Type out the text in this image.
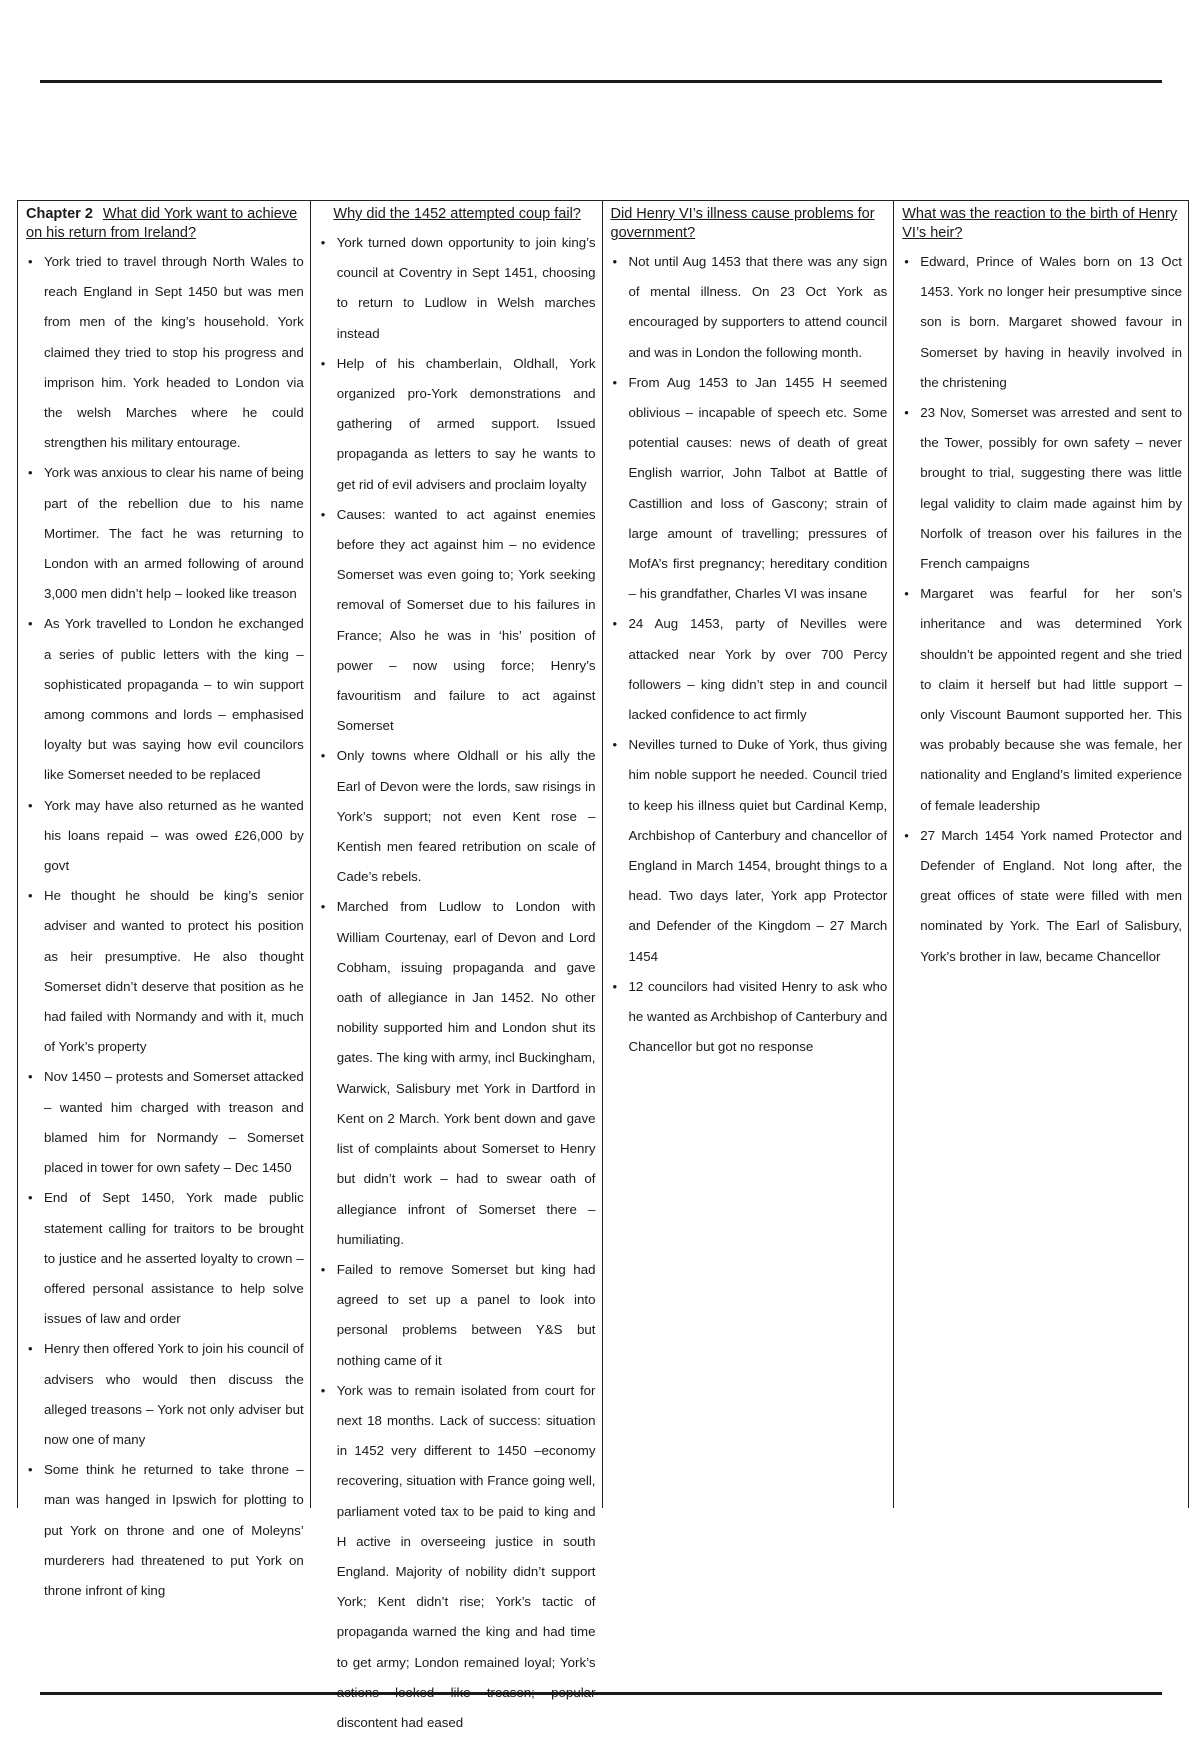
Chapter 2 What did York want to achieve on his return from Ireland?
• York tried to travel through North Wales to reach England in Sept 1450 but was men from men of the king’s household. York claimed they tried to stop his progress and imprison him. York headed to London via the welsh Marches where he could strengthen his military entourage.
• York was anxious to clear his name of being part of the rebellion due to his name Mortimer. The fact he was returning to London with an armed following of around 3,000 men didn’t help – looked like treason
• As York travelled to London he exchanged a series of public letters with the king – sophisticated propaganda – to win support among commons and lords – emphasised loyalty but was saying how evil councilors like Somerset needed to be replaced
• York may have also returned as he wanted his loans repaid – was owed £26,000 by govt
• He thought he should be king’s senior adviser and wanted to protect his position as heir presumptive. He also thought Somerset didn’t deserve that position as he had failed with Normandy and with it, much of York’s property
• Nov 1450 – protests and Somerset attacked – wanted him charged with treason and blamed him for Normandy – Somerset placed in tower for own safety – Dec 1450
• End of Sept 1450, York made public statement calling for traitors to be brought to justice and he asserted loyalty to crown – offered personal assistance to help solve issues of law and order
• Henry then offered York to join his council of advisers who would then discuss the alleged treasons – York not only adviser but now one of many
• Some think he returned to take throne – man was hanged in Ipswich for plotting to put York on throne and one of Moleyns’ murderers had threatened to put York on throne infront of king
Why did the 1452 attempted coup fail?
• York turned down opportunity to join king’s council at Coventry in Sept 1451, choosing to return to Ludlow in Welsh marches instead
• Help of his chamberlain, Oldhall, York organized pro-York demonstrations and gathering of armed support. Issued propaganda as letters to say he wants to get rid of evil advisers and proclaim loyalty
• Causes: wanted to act against enemies before they act against him – no evidence Somerset was even going to; York seeking removal of Somerset due to his failures in France; Also he was in ‘his’ position of power – now using force; Henry’s favouritism and failure to act against Somerset
• Only towns where Oldhall or his ally the Earl of Devon were the lords, saw risings in York’s support; not even Kent rose – Kentish men feared retribution on scale of Cade’s rebels.
• Marched from Ludlow to London with William Courtenay, earl of Devon and Lord Cobham, issuing propaganda and gave oath of allegiance in Jan 1452. No other nobility supported him and London shut its gates. The king with army, incl Buckingham, Warwick, Salisbury met York in Dartford in Kent on 2 March. York bent down and gave list of complaints about Somerset to Henry but didn’t work – had to swear oath of allegiance infront of Somerset there – humiliating.
• Failed to remove Somerset but king had agreed to set up a panel to look into personal problems between Y&S but nothing came of it
• York was to remain isolated from court for next 18 months. Lack of success: situation in 1452 very different to 1450 –economy recovering, situation with France going well, parliament voted tax to be paid to king and H active in overseeing justice in south England. Majority of nobility didn’t support York; Kent didn’t rise; York’s tactic of propaganda warned the king and had time to get army; London remained loyal; York’s discontent had eased
Did Henry VI’s illness cause problems for government?
• Not until Aug 1453 that there was any sign of mental illness. On 23 Oct York as encouraged by supporters to attend council and was in London the following month.
• From Aug 1453 to Jan 1455 H seemed oblivious – incapable of speech etc. Some potential causes: news of death of great English warrior, John Talbot at Battle of Castillion and loss of Gascony; strain of large amount of travelling; pressures of MofA’s first pregnancy; hereditary condition – his grandfather, Charles VI was insane
• 24 Aug 1453, party of Nevilles were attacked near York by over 700 Percy followers – king didn’t step in and council lacked confidence to act firmly
• Nevilles turned to Duke of York, thus giving him noble support he needed. Council tried to keep his illness quiet but Cardinal Kemp, Archbishop of Canterbury and chancellor of England in March 1454, brought things to a head. Two days later, York app Protector and Defender of the Kingdom – 27 March 1454
• 12 councilors had visited Henry to ask who he wanted as Archbishop of Canterbury and Chancellor but got no response
What was the reaction to the birth of Henry VI’s heir?
• Edward, Prince of Wales born on 13 Oct 1453. York no longer heir presumptive since son is born. Margaret showed favour in Somerset by having in heavily involved in the christening
• 23 Nov, Somerset was arrested and sent to the Tower, possibly for own safety – never brought to trial, suggesting there was little legal validity to claim made against him by Norfolk of treason over his failures in the French campaigns
• Margaret was fearful for her son’s inheritance and was determined York shouldn’t be appointed regent and she tried to claim it herself but had little support – only Viscount Baumont supported her. This was probably because she was female, her nationality and England’s limited experience of female leadership
• 27 March 1454 York named Protector and Defender of England. Not long after, the great offices of state were filled with men nominated by York. The Earl of Salisbury, York’s brother in law, became Chancellor
